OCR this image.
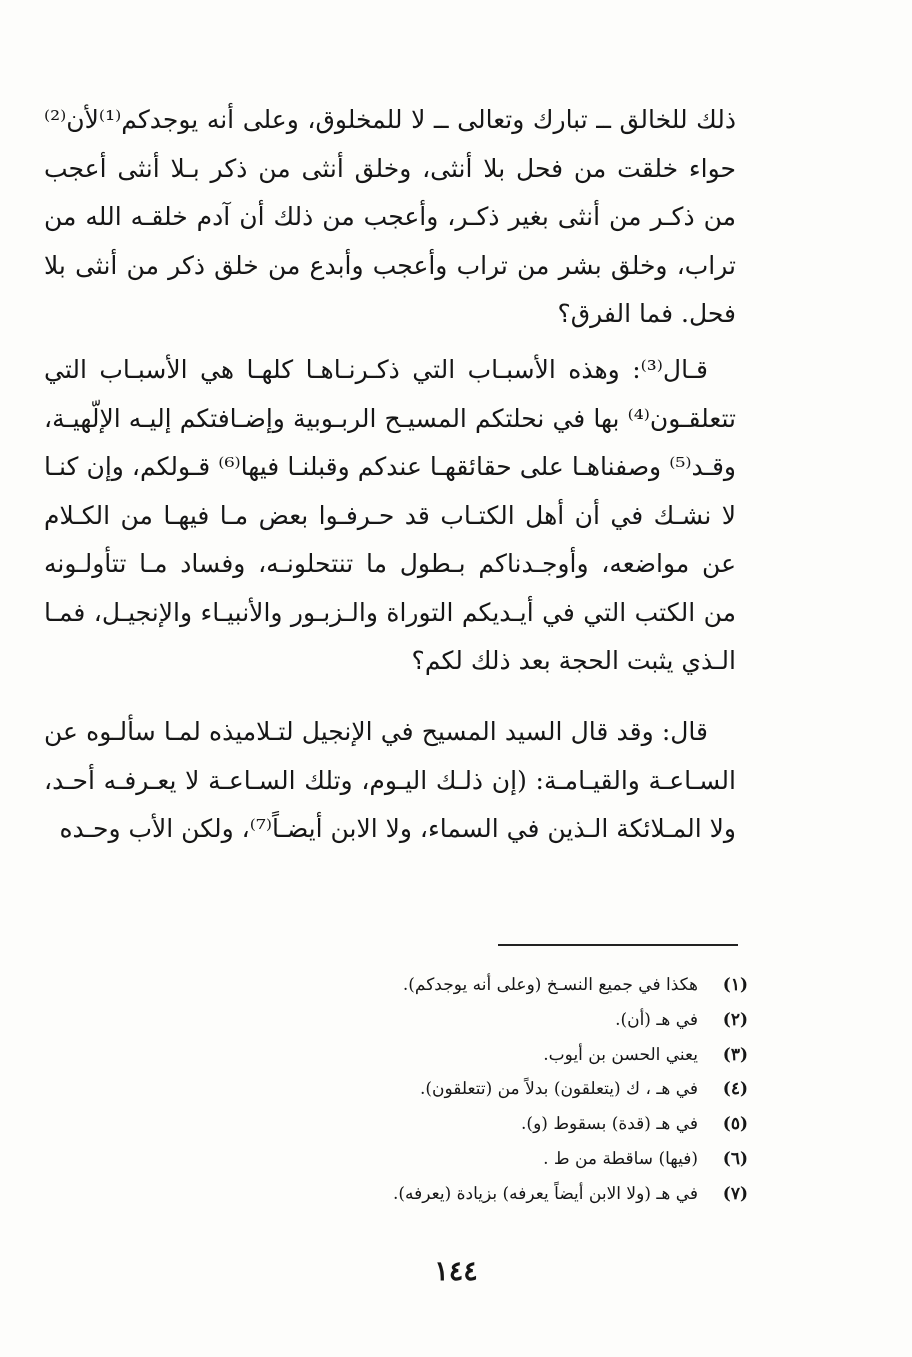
ذلك للخالق ــ تبارك وتعالى ــ لا للمخلوق، وعلى أنه يوجدكم⁽¹⁾لأن⁽²⁾ حواء خلقت من فحل بلا أنثى، وخلق أنثى من ذكر بـلا أنثى أعجب من ذكـر من أنثى بغير ذكـر، وأعجب من ذلك أن آدم خلقـه الله من تراب، وخلق بشر من تراب وأعجب وأبدع من خلق ذكر من أنثى بلا فحل. فما الفرق؟

قـال⁽³⁾: وهذه الأسبـاب التي ذكـرنـاهـا كلهـا هي الأسبـاب التي تتعلقـون⁽⁴⁾ بها في نحلتكم المسيـح الربـوبية وإضـافتكم إليـه الإلّهيـة، وقـد⁽⁵⁾ وصفناهـا على حقائقهـا عندكم وقبلنـا فيها⁽⁶⁾ قـولكم، وإن كنـا لا نشـك في أن أهل الكتـاب قد حـرفـوا بعض مـا فيهـا من الكـلام عن مواضعه، وأوجـدناكم بـطول ما تنتحلونـه، وفساد مـا تتأولـونه من الكتب التي في أيـديكم التوراة والـزبـور والأنبيـاء والإنجيـل، فمـا الـذي يثبت الحجة بعد ذلك لكم؟

قال: وقد قال السيد المسيح في الإنجيل لتـلاميذه لمـا سألـوه عن السـاعـة والقيـامـة: (إن ذلـك اليـوم، وتلك السـاعـة لا يعـرفـه أحـد، ولا المـلائكة الـذين في السماء، ولا الابن أيضـاً⁽⁷⁾، ولكن الأب وحـده

(١)هكذا في جميع النسـخ (وعلى أنه يوجدكم).
(٢)في هـ (أن).
(٣)يعني الحسن بن أيوب.
(٤)في هـ ، ك (يتعلقون) بدلاً من (تتعلقون).
(٥)في هـ (قدة) بسقوط (و).
(٦)(فيها) ساقطة من ط .
(٧)في هـ (ولا الابن أيضاً يعرفه) بزيادة (يعرفه).
١٤٤
